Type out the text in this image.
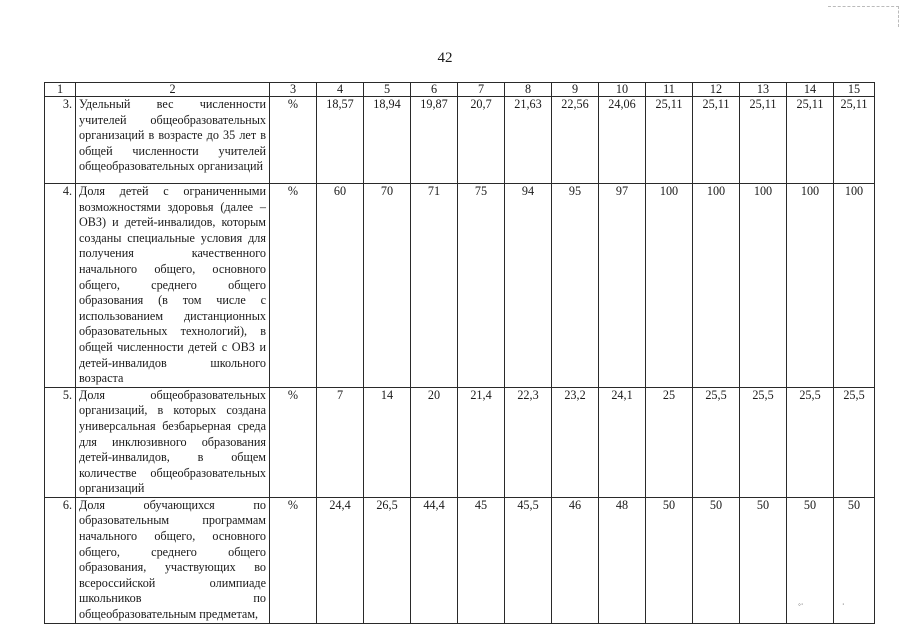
◦‧	‧
42
1	2	3	4	5	6	7	8	9	10	11	12	13	14	15
3.	Удельный вес численности учителей общеобразовательных организаций в возрасте до 35 лет в общей численности учителей общеобразовательных организаций	%	18,57	18,94	19,87	20,7	21,63	22,56	24,06	25,11	25,11	25,11	25,11	25,11
4.	Доля детей с ограниченными возможностями здоровья (далее – ОВЗ) и детей-инвалидов, которым созданы специальные условия для получения качественного начального общего, основного общего, среднего общего образования (в том числе с использованием дистанционных образовательных технологий), в общей численности детей с ОВЗ и детей-инвалидов школьного возраста	%	60	70	71	75	94	95	97	100	100	100	100	100
5.	Доля общеобразовательных организаций, в которых создана универсальная безбарьерная среда для инклюзивного образования детей-инвалидов, в общем количестве общеобразовательных организаций	%	7	14	20	21,4	22,3	23,2	24,1	25	25,5	25,5	25,5	25,5
6.	Доля обучающихся по образовательным программам начального общего, основного общего, среднего общего образования, участвующих во всероссийской олимпиаде школьников по общеобразовательным предметам,	%	24,4	26,5	44,4	45	45,5	46	48	50	50	50	50	50
